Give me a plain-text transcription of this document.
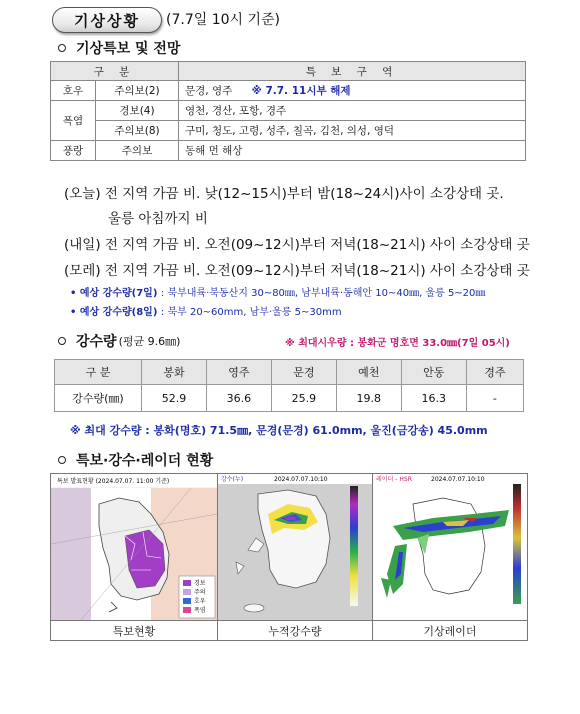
기상상황 (7.7일 10시 기준)
기상특보 및 전망
구 분		특 보 구 역
호우	주의보(2)	문경, 영주 ※ 7.7. 11시부 해제
폭염	경보(4)	영천, 경산, 포항, 경주
	주의보(8)	구미, 청도, 고령, 성주, 칠곡, 김천, 의성, 영덕
풍랑	주의보	동해 먼 해상
(오늘) 전 지역 가끔 비. 낮(12~15시)부터 밤(18~24시)사이 소강상태 곳.
울릉 아침까지 비
(내일) 전 지역 가끔 비. 오전(09~12시)부터 저녁(18~21시) 사이 소강상태 곳
(모레) 전 지역 가끔 비. 오전(09~12시)부터 저녁(18~21시) 사이 소강상태 곳
• 예상 강수량(7일) : 북부내륙·북동산지 30~80㎜, 남부내륙·동해안 10~40㎜, 울릉 5~20㎜
• 예상 강수량(8일) : 북부 20~60mm, 남부·울릉 5~30mm
강수량 (평균 9.6㎜)	※ 최대시우량 : 봉화군 명호면 33.0㎜(7일 05시)
구 분	봉화	영주	문경	예천	안동	경주
강수량(㎜)	52.9	36.6	25.9	19.8	16.3	-
※ 최대 강수량 : 봉화(명호) 71.5㎜, 문경(문경) 61.0mm, 울진(금강송) 45.0mm
특보·강수·레이더 현황
경보
주의
호우
폭염
특보 발표현황 (2024.07.07. 11:00 기준)	강수(누)	2024.07.07.10:10	레이더 - HSR	2024.07.07.10:10
특보현황	누적강수량	기상레이더
